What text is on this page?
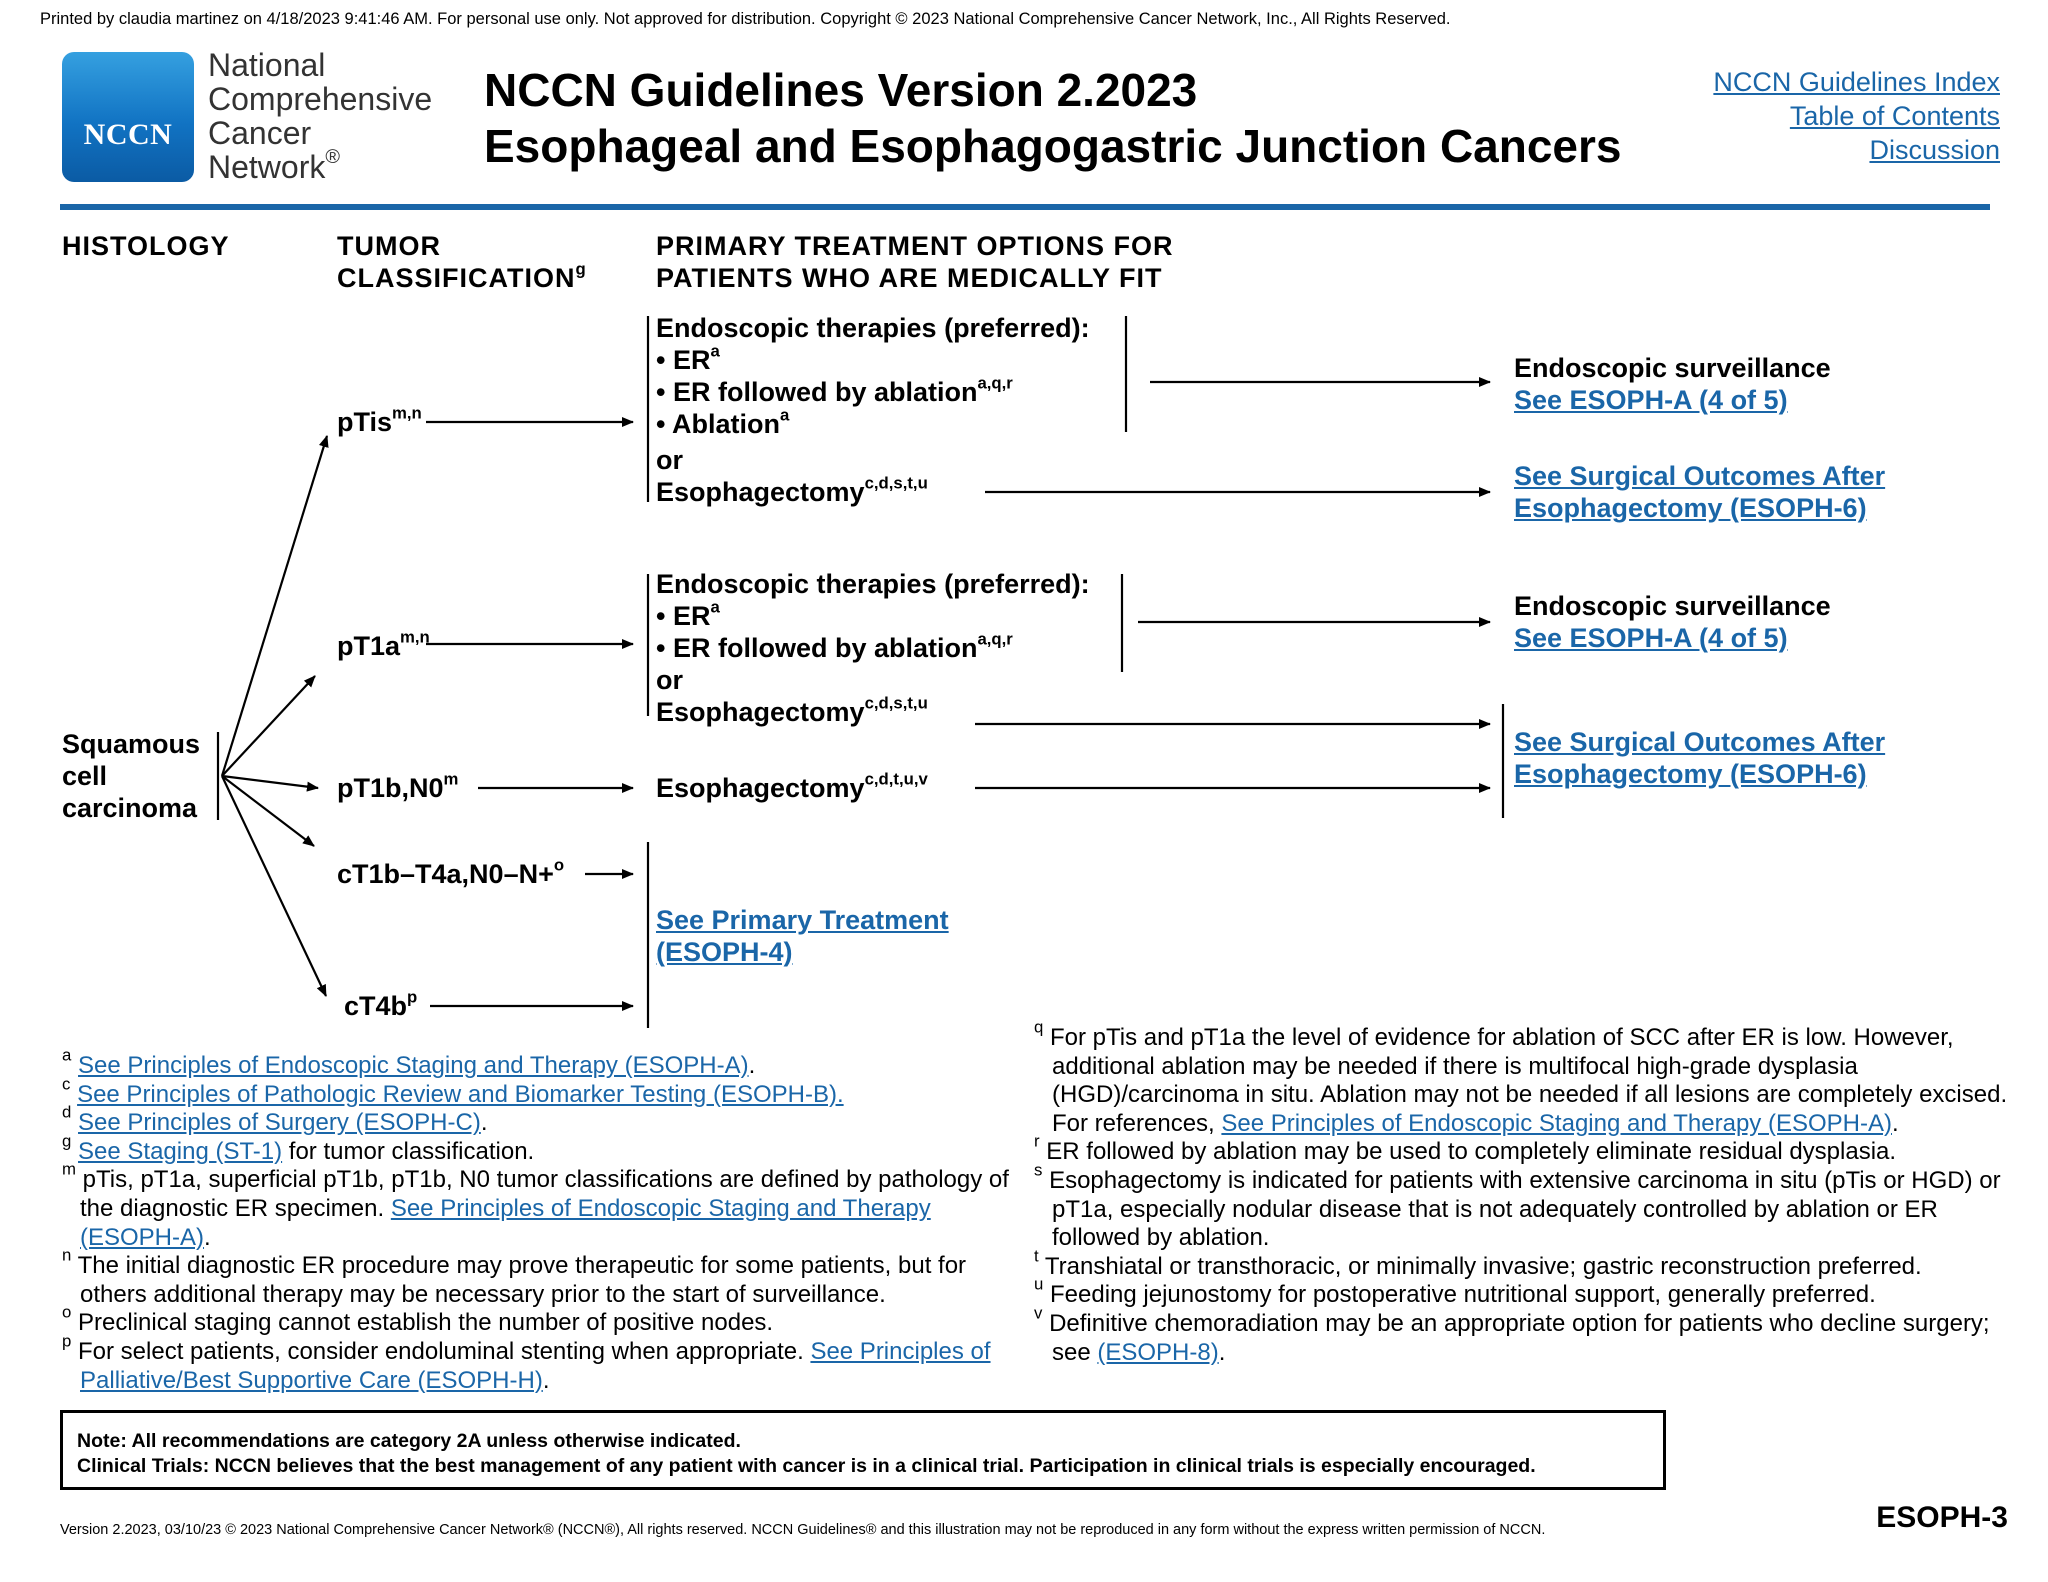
Printed by claudia martinez on 4/18/2023 9:41:46 AM. For personal use only. Not approved for distribution. Copyright © 2023 National Comprehensive Cancer Network, Inc., All Rights Reserved.
NCCN
National
Comprehensive
Cancer
Network®
NCCN Guidelines Version 2.2023
Esophageal and Esophagogastric Junction Cancers
NCCN Guidelines Index
Table of Contents
Discussion
HISTOLOGY	TUMOR
CLASSIFICATION$^g$
PRIMARY TREATMENT OPTIONS FOR
PATIENTS WHO ARE MEDICALLY FIT
Squamous
cell
carcinoma
pTis$^{m,n}$
$pT1a^{m,n}$
pT1b,N0$^m$
cT1b–T4a,N0–N+$^o$
$cT4b^p$
Endoscopic therapies (preferred):
• $ER^a$
• ER followed by ablation$^{a,q,r}$
• Ablation$^a$
or
Esophagectomy$^{c,d,s,t,u}$
Endoscopic therapies (preferred):
• $ER^a$
• ER followed by ablation$^{a,q,r}$
or
Esophagectomy$^{c,d,s,t,u}$
Esophagectomy$^{c,d,t,u,v}$
See Primary Treatment
(ESOPH-4)
Endoscopic surveillance
See ESOPH-A (4 of 5)
See Surgical Outcomes After
Esophagectomy (ESOPH-6)
Endoscopic surveillance
See ESOPH-A (4 of 5)
See Surgical Outcomes After
Esophagectomy (ESOPH-6)
$^a$ See Principles of Endoscopic Staging and Therapy (ESOPH-A).
$^c$ See Principles of Pathologic Review and Biomarker Testing (ESOPH-B).
$^d$ See Principles of Surgery (ESOPH-C).
$^g$ See Staging (ST-1) for tumor classification.
$^m$ pTis, pT1a, superficial pT1b, pT1b, N0 tumor classifications are defined by pathology of the diagnostic ER specimen. See Principles of Endoscopic Staging and Therapy (ESOPH-A).
$^n$ The initial diagnostic ER procedure may prove therapeutic for some patients, but for others additional therapy may be necessary prior to the start of surveillance.
$^o$ Preclinical staging cannot establish the number of positive nodes.
$^p$ For select patients, consider endoluminal stenting when appropriate. See Principles of Palliative/Best Supportive Care (ESOPH-H).
$^q$ For pTis and pT1a the level of evidence for ablation of SCC after ER is low. However, additional ablation may be needed if there is multifocal high-grade dysplasia (HGD)/carcinoma in situ. Ablation may not be needed if all lesions are completely excised. For references, See Principles of Endoscopic Staging and Therapy (ESOPH-A).
$^r$ ER followed by ablation may be used to completely eliminate residual dysplasia.
$^s$ Esophagectomy is indicated for patients with extensive carcinoma in situ (pTis or HGD) or pT1a, especially nodular disease that is not adequately controlled by ablation or ER followed by ablation.
$^t$ Transhiatal or transthoracic, or minimally invasive; gastric reconstruction preferred.
$^u$ Feeding jejunostomy for postoperative nutritional support, generally preferred.
$^v$ Definitive chemoradiation may be an appropriate option for patients who decline surgery; see (ESOPH-8).
Note: All recommendations are category 2A unless otherwise indicated.
Clinical Trials: NCCN believes that the best management of any patient with cancer is in a clinical trial. Participation in clinical trials is especially encouraged.
Version 2.2023, 03/10/23 © 2023 National Comprehensive Cancer Network® (NCCN®), All rights reserved. NCCN Guidelines® and this illustration may not be reproduced in any form without the express written permission of NCCN.	ESOPH-3
